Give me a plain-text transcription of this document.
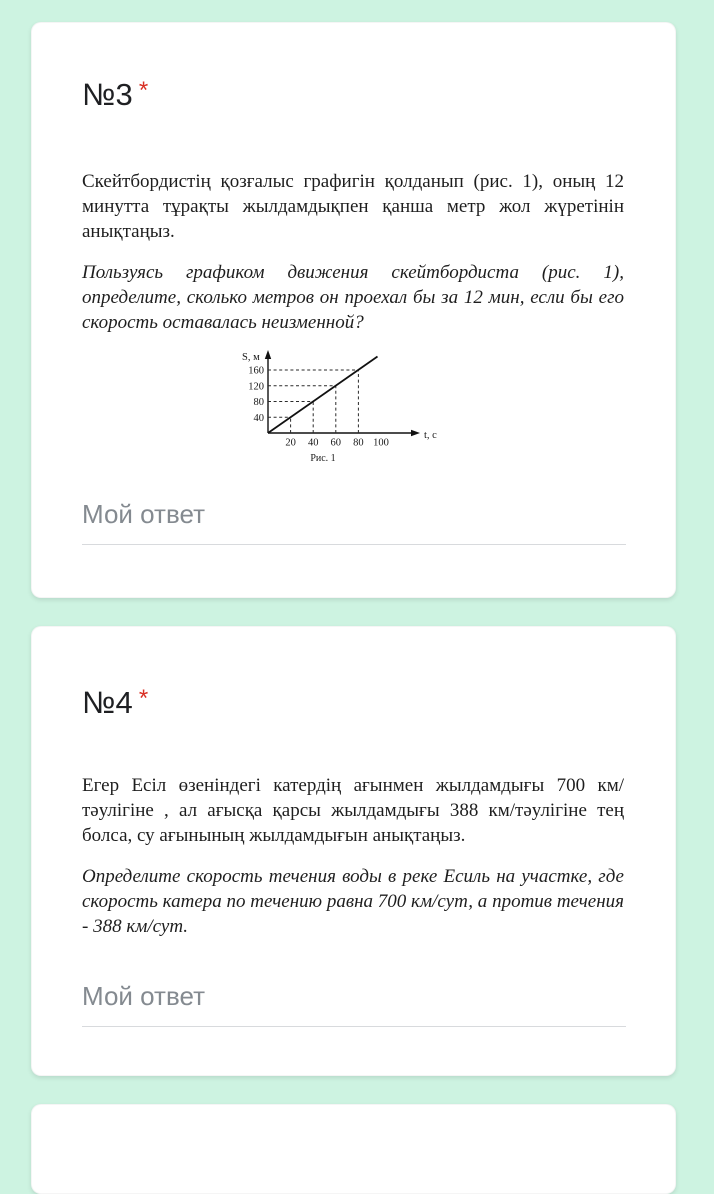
№3 *

Скейтбордистің қозғалыс графигін қолданып (рис. 1), оның 12 минутта тұрақты жылдамдықпен қанша метр жол жүретінін анықтаңыз.

Пользуясь графиком движения скейтбордиста (рис. 1), определите, сколько метров он проехал бы за 12 мин, если бы его скорость оставалась неизменной?

S, м
t, с
160
120
80
40
20 40 60 80 100
Рис. 1
Мой ответ
№4 *

Егер Есіл өзеніндегі катердің ағынмен жылдамдығы 700 км/тәулігіне , ал ағысқа қарсы жылдамдығы 388 км/тәулігіне тең болса, су ағынының жылдамдығын анықтаңыз.

Определите скорость течения воды в реке Есиль на участке, где скорость катера по течению равна 700 км/сут, а против течения - 388 км/сут.

Мой ответ
